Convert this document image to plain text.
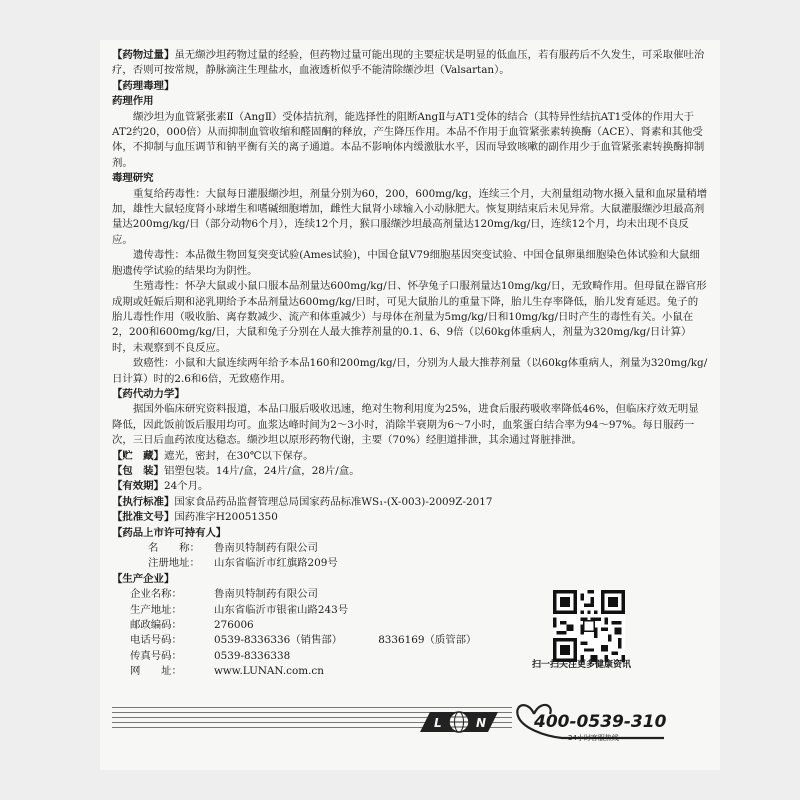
【药物过量】虽无缬沙坦药物过量的经验，但药物过量可能出现的主要症状是明显的低血压，若有服药后不久发生，可采取催吐治疗，否则可按常规，静脉滴注生理盐水，血液透析似乎不能清除缬沙坦（Valsartan）。

【药理毒理】

药理作用

缬沙坦为血管紧张素Ⅱ（AngⅡ）受体拮抗剂，能选择性的阻断AngⅡ与AT1受体的结合（其特异性结抗AT1受体的作用大于AT2约20，000倍）从而抑制血管收缩和醛固酮的释放，产生降压作用。本品不作用于血管紧张素转换酶（ACE）、肾素和其他受体，不抑制与血压调节和钠平衡有关的离子通道。本品不影响体内缓激肽水平，因而导致咳嗽的副作用少于血管紧张素转换酶抑制剂。

毒理研究

重复给药毒性：大鼠每日灌服缬沙坦，剂量分别为60，200，600mg/kg，连续三个月，大剂量组动物水摄入量和血尿量稍增加，雄性大鼠轻度肾小球增生和嗜碱细胞增加，雌性大鼠肾小球输入小动脉肥大。恢复期结束后未见异常。大鼠灌服缬沙坦最高剂量达200mg/kg/日（部分动物6个月），连续12个月，猴口服缬沙坦最高剂量达120mg/kg/日，连续12个月，均未出现不良反应。

遗传毒性：本品微生物回复突变试验(Ames试验)，中国仓鼠V79细胞基因突变试验、中国仓鼠卵巢细胞染色体试验和大鼠细胞遗传学试验的结果均为阴性。

生殖毒性：怀孕大鼠或小鼠口服本品剂量达600mg/kg/日、怀孕兔子口服剂量达10mg/kg/日，无致畸作用。但母鼠在器官形成期或妊娠后期和泌乳期给予本品剂量达600mg/kg/日时，可见大鼠胎儿的重量下降，胎儿生存率降低，胎儿发育延迟。兔子的胎儿毒性作用（吸收胎、离存数减少、流产和体重减少）与母体在剂量为5mg/kg/日和10mg/kg/日时产生的毒性有关。小鼠在2，200和600mg/kg/日，大鼠和兔子分别在人最大推荐剂量的0.1、6、9倍（以60kg体重病人，剂量为320mg/kg/日计算）时，未观察到不良反应。

致癌性：小鼠和大鼠连续两年给予本品160和200mg/kg/日，分别为人最大推荐剂量（以60kg体重病人，剂量为320mg/kg/日计算）时的2.6和6倍，无致癌作用。

【药代动力学】

据国外临床研究资料报道，本品口服后吸收迅速，绝对生物利用度为25%，进食后服药吸收率降低46%，但临床疗效无明显降低，因此饭前饭后服用均可。血浆达峰时间为2～3小时，消除半衰期为6～7小时，血浆蛋白结合率为94～97%。每日服药一次，三日后血药浓度达稳态。缬沙坦以原形药物代谢，主要（70%）经胆道排泄，其余通过肾脏排泄。

【贮　藏】遮光，密封，在30℃以下保存。

【包　装】铝塑包装。14片/盒，24片/盒，28片/盒。

【有效期】24个月。

【执行标准】国家食品药品监督管理总局国家药品标准WS₁-(X-003)-2009Z-2017

【批准文号】国药准字H20051350

【药品上市许可持有人】

名　　称：	鲁南贝特制药有限公司
注册地址：	山东省临沂市红旗路209号

【生产企业】

企业名称：	鲁南贝特制药有限公司
生产地址：	山东省临沂市银雀山路243号
邮政编码：	276006
电话号码：	0539-8336336（销售部）	8336169（质管部）
传真号码：	0539-8336338
网　　址：	www.LUNAN.com.cn
扫一扫关注更多健康资讯
L	N	400-0539-310
24小时客服热线
